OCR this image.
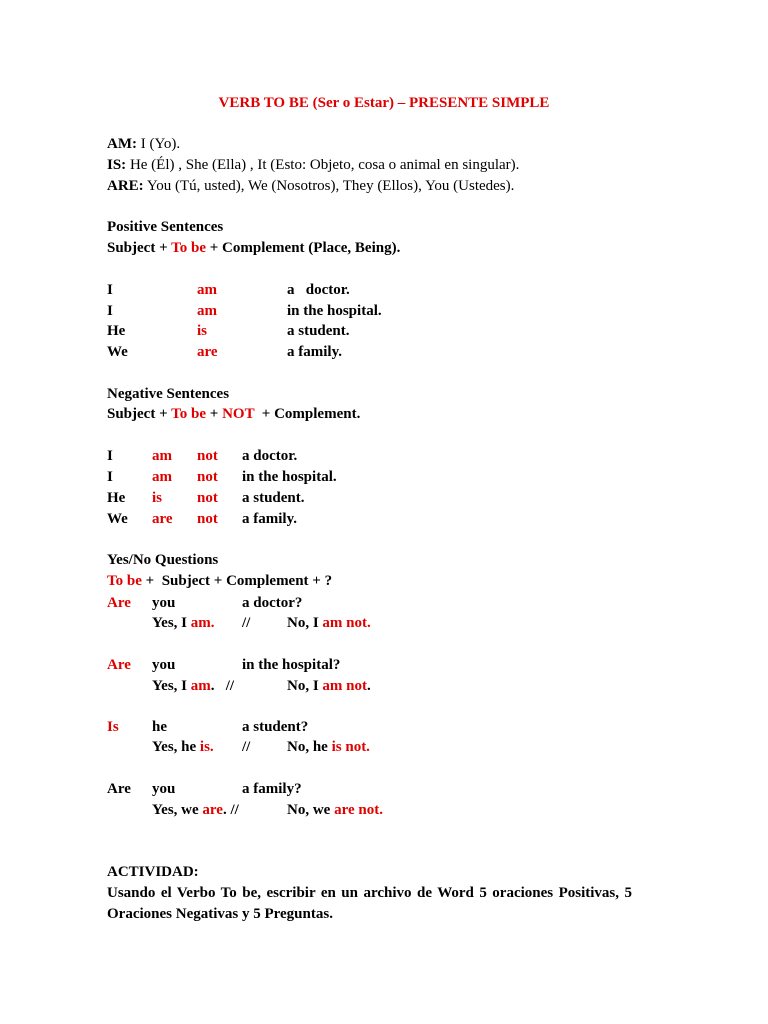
VERB TO BE (Ser o Estar) – PRESENTE SIMPLE
AM: I (Yo).
IS: He (Él) , She (Ella) , It (Esto: Objeto, cosa o animal en singular).
ARE: You (Tú, usted), We (Nosotros), They (Ellos), You (Ustedes).
Positive Sentences
Subject + To be + Complement (Place, Being).
I	am	a   doctor.
I	am	in the hospital.
He	is	a student.
We	are	a family.
Negative Sentences
Subject + To be + NOT  + Complement.
I	am not a doctor.
I	am not in the hospital.
He is not a student.
We are not a family.
Yes/No Questions
To be +  Subject + Complement + ?
Are you	a doctor?
Yes, I am. // No, I am not.
Are you	in the hospital?
Yes, I am.   //	No, I am not.
Is he	a student?
Yes, he is. // No, he is not.
Are you	a family?
Yes, we are. //	No, we are not.
ACTIVIDAD:
Usando el Verbo To be, escribir en un archivo de Word 5 oraciones Positivas, 5 Oraciones Negativas y 5 Preguntas.
